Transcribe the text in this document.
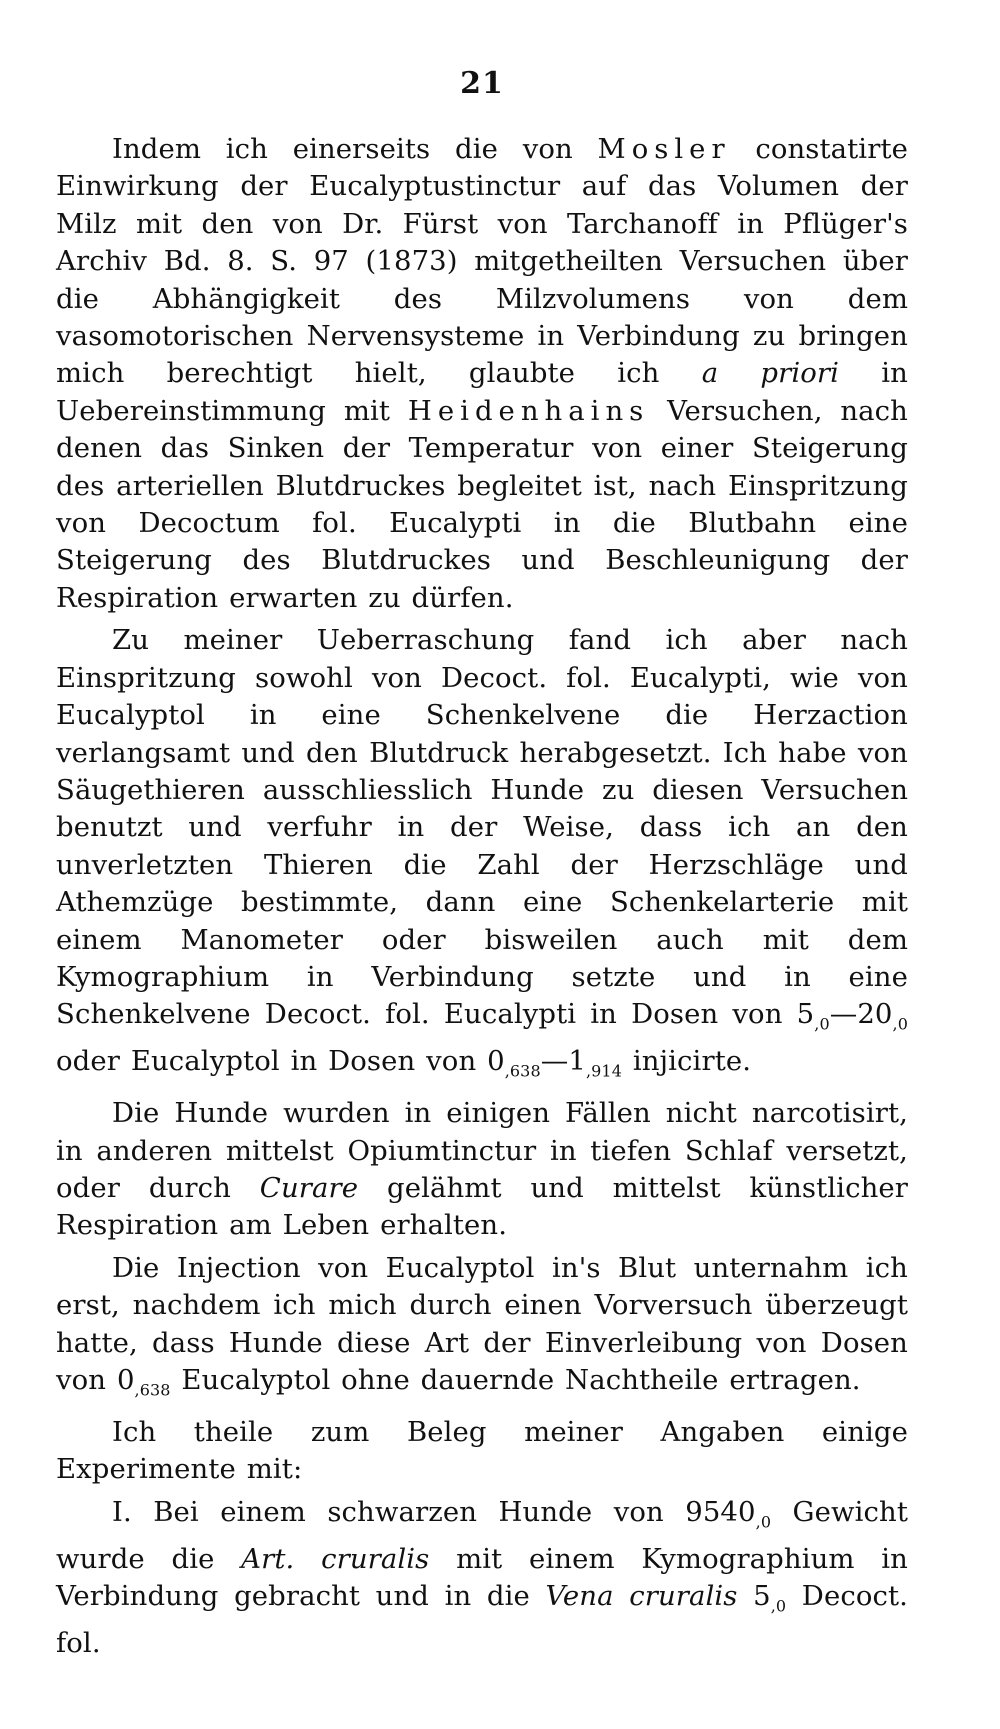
21

Indem ich einerseits die von Mosler constatirte Einwirkung der Eucalyptustinctur auf das Volumen der Milz mit den von Dr. Fürst von Tarchanoff in Pflüger's Archiv Bd. 8. S. 97 (1873) mitgetheilten Versuchen über die Abhängigkeit des Milzvolumens von dem vasomotorischen Nervensysteme in Verbindung zu bringen mich berechtigt hielt, glaubte ich a priori in Uebereinstimmung mit Heidenhains Versuchen, nach denen das Sinken der Temperatur von einer Steigerung des arteriellen Blutdruckes begleitet ist, nach Einspritzung von Decoctum fol. Eucalypti in die Blutbahn eine Steigerung des Blutdruckes und Beschleunigung der Respiration erwarten zu dürfen.

Zu meiner Ueberraschung fand ich aber nach Einspritzung sowohl von Decoct. fol. Eucalypti, wie von Eucalyptol in eine Schenkelvene die Herzaction verlangsamt und den Blutdruck herabgesetzt. Ich habe von Säugethieren ausschliesslich Hunde zu diesen Versuchen benutzt und verfuhr in der Weise, dass ich an den unverletzten Thieren die Zahl der Herzschläge und Athemzüge bestimmte, dann eine Schenkelarterie mit einem Manometer oder bisweilen auch mit dem Kymographium in Verbindung setzte und in eine Schenkelvene Decoct. fol. Eucalypti in Dosen von $5_{,0}—20_{,0}$ oder Eucalyptol in Dosen von $0_{,638}—1_{,914}$ injicirte.

Die Hunde wurden in einigen Fällen nicht narcotisirt, in anderen mittelst Opiumtinctur in tiefen Schlaf versetzt, oder durch Curare gelähmt und mittelst künstlicher Respiration am Leben erhalten.

Die Injection von Eucalyptol in's Blut unternahm ich erst, nachdem ich mich durch einen Vorversuch überzeugt hatte, dass Hunde diese Art der Einverleibung von Dosen von $0_{,638}$ Eucalyptol ohne dauernde Nachtheile ertragen.

Ich theile zum Beleg meiner Angaben einige Experimente mit:

I. Bei einem schwarzen Hunde von $9540_{,0}$ Gewicht wurde die Art. cruralis mit einem Kymographium in Verbindung gebracht und in die Vena cruralis $5_{,0}$ Decoct. fol.
